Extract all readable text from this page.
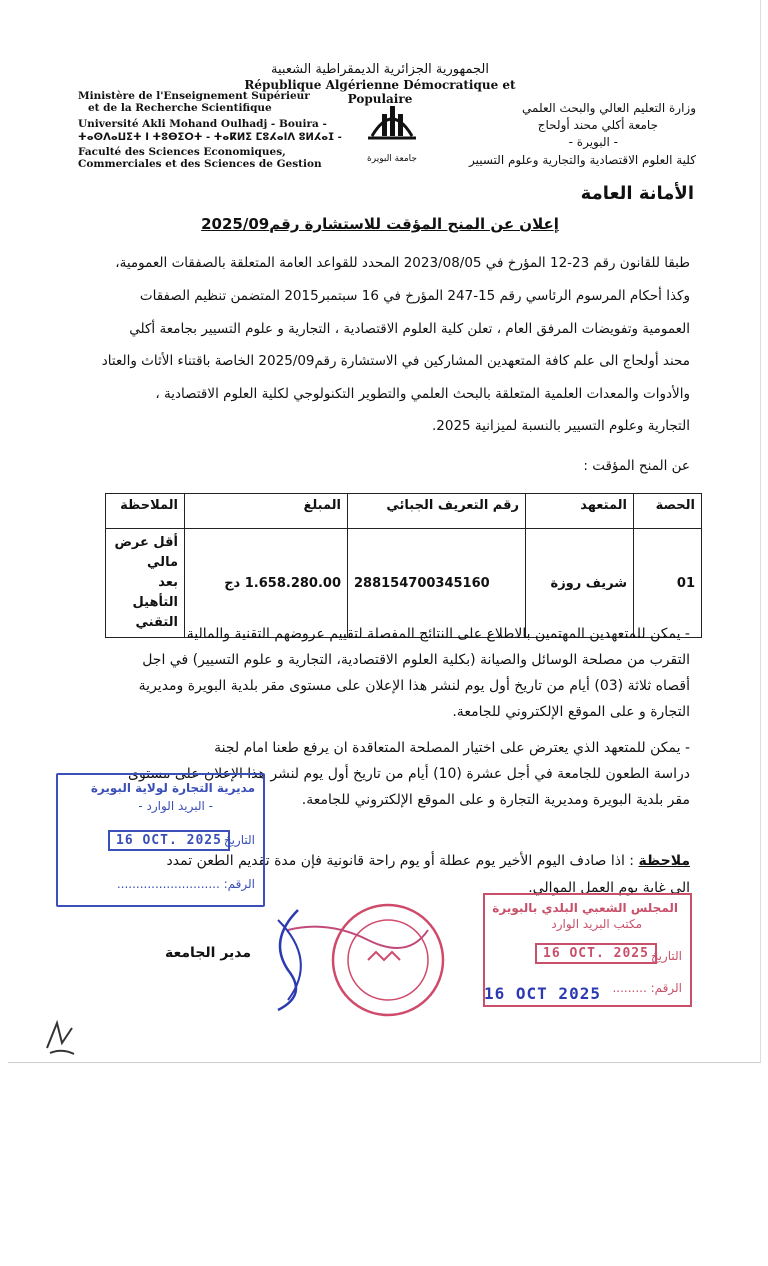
الجمهورية الجزائرية الديمقراطية الشعبية
République Algérienne Démocratique et Populaire
Ministère de l'Enseignement Supérieur
et de la Recherche Scientifique
Université Akli Mohand Oulhadj - Bouira -
ⵜⴰⵙⴷⴰⵡⵉⵜ ⵏ ⵜⵓⴱⵉⵔⵜ - ⵜⴰⴽⵍⵉ ⵎⵓⵃⴰⵏⴷ ⵓⵍⵃⴰⵊ -
Faculté des Sciences Economiques,
Commerciales et des Sciences de Gestion	جامعة البويرة
وزارة التعليم العالي والبحث العلمي
جامعة أكلي محند أولحاج
- البويرة -
كلية العلوم الاقتصادية والتجارية وعلوم التسيير
الأمانة العامة
إعلان عن المنح المؤقت للاستشارة رقم2025/09
طبقا للقانون رقم 23-12 المؤرخ في 2023/08/05 المحدد للقواعد العامة المتعلقة بالصفقات العمومية،
وكذا أحكام المرسوم الرئاسي رقم 15-247 المؤرخ في 16 سبتمبر2015 المتضمن تنظيم الصفقات
العمومية وتفويضات المرفق العام ، تعلن كلية العلوم الاقتصادية ، التجارية و علوم التسيير بجامعة أكلي
محند أولحاج الى علم كافة المتعهدين المشاركين في الاستشارة رقم2025/09 الخاصة باقتناء الأثاث والعتاد
والأدوات والمعدات العلمية المتعلقة بالبحث العلمي والتطوير التكنولوجي لكلية العلوم الاقتصادية ،
التجارية وعلوم التسيير بالنسبة لميزانية 2025.
عن المنح المؤقت :
الحصة	المتعهد	رقم التعريف الجبائي	المبلغ	الملاحظة
01	شريف روزة	288154700345160	1.658.280.00 دج	أقل عرض مالي
بعد التأهيل التقني
- يمكن للمتعهدين المهتمين بالاطلاع على النتائج المفصلة لتقييم عروضهم التقنية والمالية
التقرب من مصلحة الوسائل والصيانة (بكلية العلوم الاقتصادية، التجارية و علوم التسيير) في اجل
أقصاه ثلاثة (03) أيام من تاريخ أول يوم لنشر هذا الإعلان على مستوى مقر بلدية البويرة ومديرية
التجارة و على الموقع الإلكتروني للجامعة.
- يمكن للمتعهد الذي يعترض على اختيار المصلحة المتعاقدة ان يرفع طعنا امام لجنة
دراسة الطعون للجامعة في أجل عشرة (10) أيام من تاريخ أول يوم لنشر هذا الإعلان على مستوى
مقر بلدية البويرة ومديرية التجارة و على الموقع الإلكتروني للجامعة.
ملاحظة : اذا صادف اليوم الأخير يوم عطلة أو يوم راحة قانونية فإن مدة تقديم الطعن تمدد
الى غاية يوم العمل الموالي.
مديرية التجارة لولاية البويرة
- البريد الوارد -
التاريخ
16 OCT. 2025
الرقم: ...........................
مدير الجامعة
المجلس الشعبي البلدي بالبويرة
مكتب البريد الوارد
التاريخ
16 OCT. 2025
الرقم: .........
16 OCT 2025
